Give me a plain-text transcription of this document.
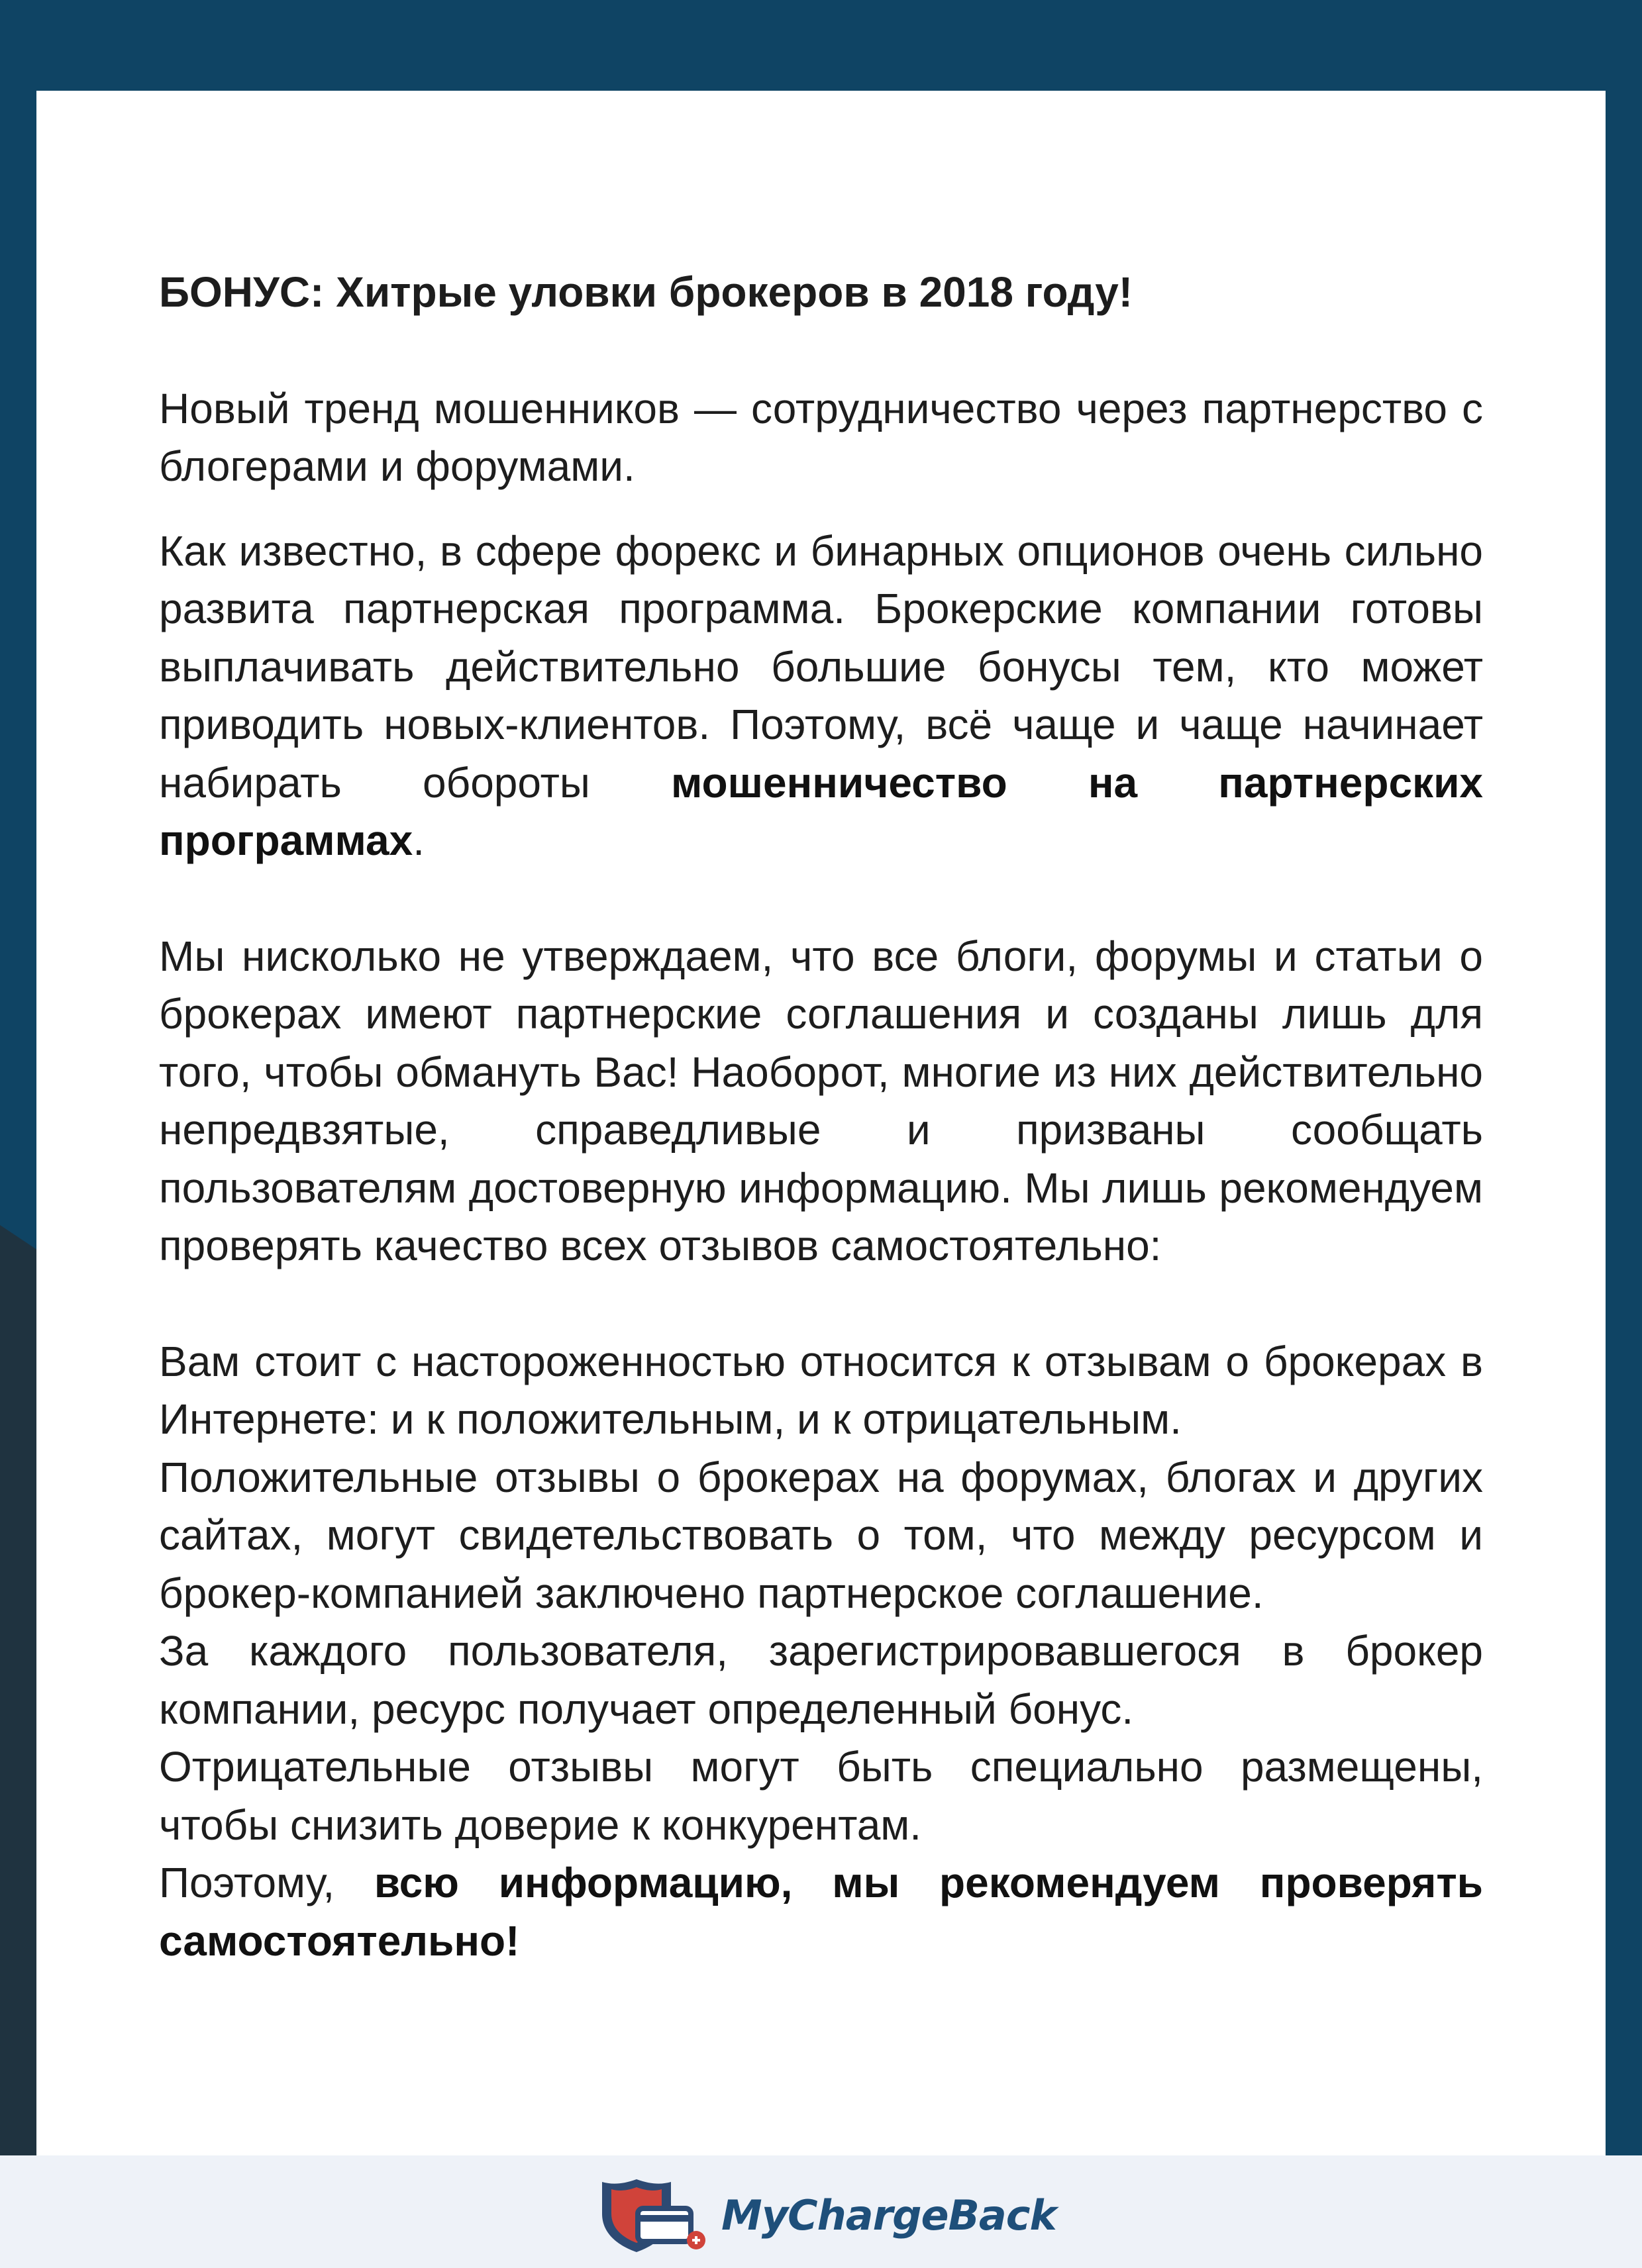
БОНУС: Хитрые уловки брокеров в 2018 году!

Новый тренд мошенников — сотрудничество через партнерство с блогерами и форумами.

Как известно, в сфере форекс и бинарных опционов очень сильно развита партнерская программа. Брокерские компании готовы выплачивать действительно большие бонусы тем, кто может приводить новых-клиентов. Поэтому, всё чаще и чаще начинает набирать обороты мошенничество на партнерских программах.

Мы нисколько не утверждаем, что все блоги, форумы и статьи о брокерах имеют партнерские соглашения и созданы лишь для того, чтобы обмануть Вас! Наоборот, многие из них действительно непредвзятые, справедливые и призваны сообщать пользователям достоверную информацию. Мы лишь рекомендуем проверять качество всех отзывов самостоятельно:

Вам стоит с настороженностью относится к отзывам о брокерах в Интернете: и к положительным, и к отрицательным.

Положительные отзывы о брокерах на форумах, блогах и других сайтах, могут свидетельствовать о том, что между ресурсом и брокер-компанией заключено партнерское соглашение.

За каждого пользователя, зарегистрировавшегося в брокер компании, ресурс получает определенный бонус.

Отрицательные отзывы могут быть специально размещены, чтобы снизить доверие к конкурентам.

Поэтому, всю информацию, мы рекомендуем проверять самостоятельно!

MyChargeBack
